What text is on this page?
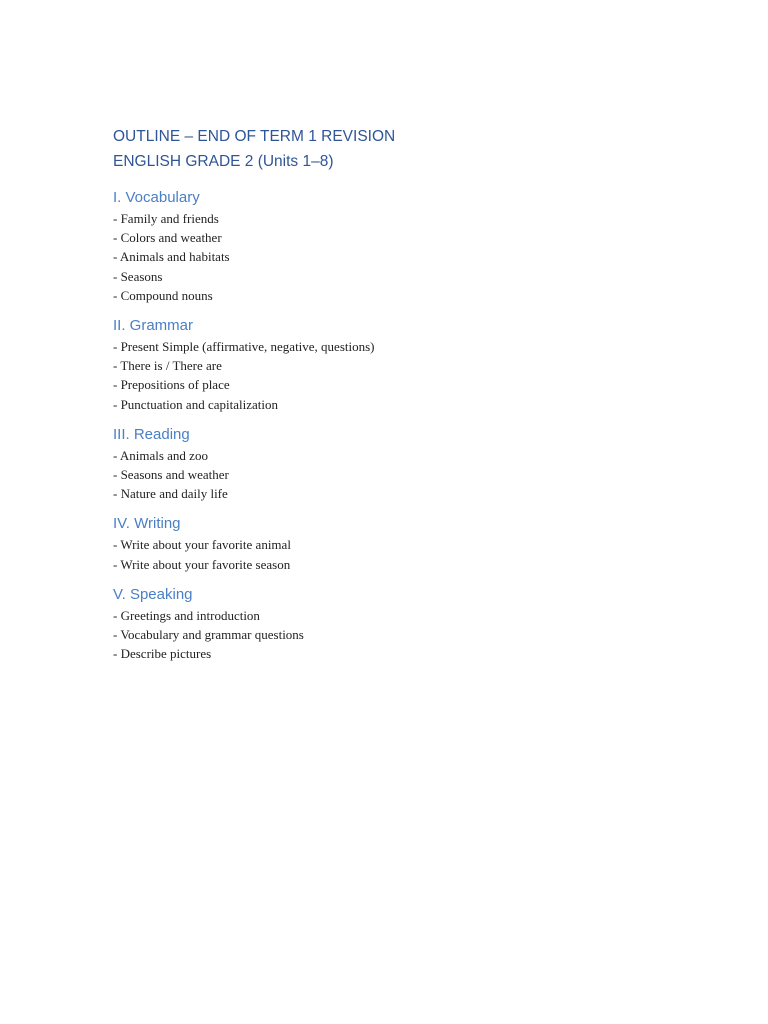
OUTLINE – END OF TERM 1 REVISION
ENGLISH GRADE 2 (Units 1–8)
I. Vocabulary
- Family and friends
- Colors and weather
- Animals and habitats
- Seasons
- Compound nouns
II. Grammar
- Present Simple (affirmative, negative, questions)
- There is / There are
- Prepositions of place
- Punctuation and capitalization
III. Reading
- Animals and zoo
- Seasons and weather
- Nature and daily life
IV. Writing
- Write about your favorite animal
- Write about your favorite season
V. Speaking
- Greetings and introduction
- Vocabulary and grammar questions
- Describe pictures
